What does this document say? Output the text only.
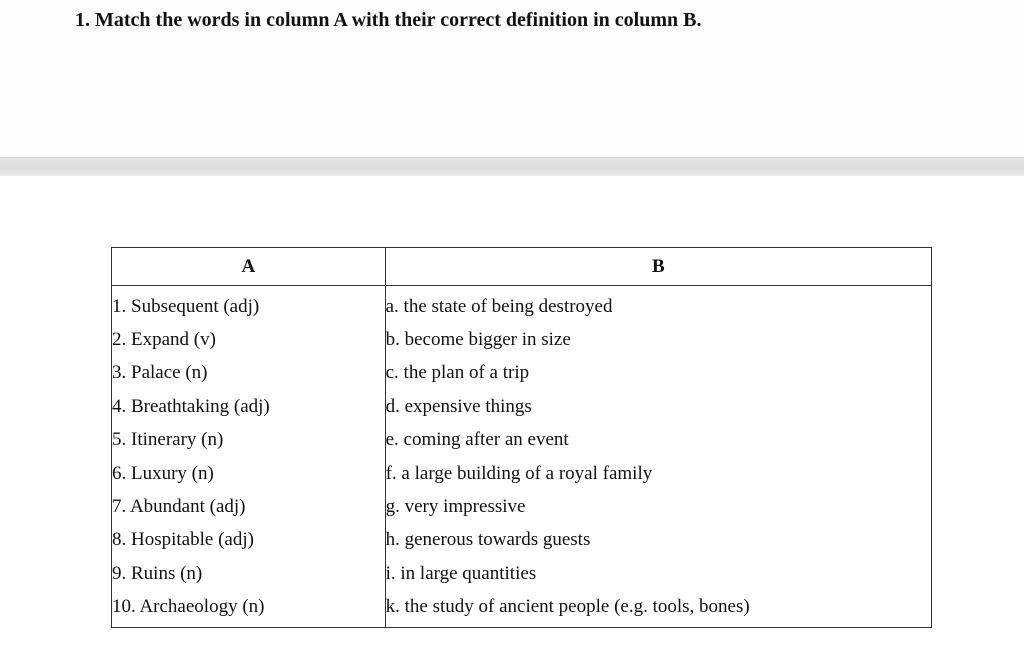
1. Match the words in column A with their correct definition in column B.
A	B
1. Subsequent (adj)	a. the state of being destroyed
2. Expand (v)	b. become bigger in size
3. Palace (n)	c. the plan of a trip
4. Breathtaking (adj)	d. expensive things
5. Itinerary (n)	e. coming after an event
6. Luxury (n)	f. a large building of a royal family
7. Abundant (adj)	g. very impressive
8. Hospitable (adj)	h. generous towards guests
9. Ruins (n)	i. in large quantities
10. Archaeology (n)	k. the study of ancient people (e.g. tools, bones)
